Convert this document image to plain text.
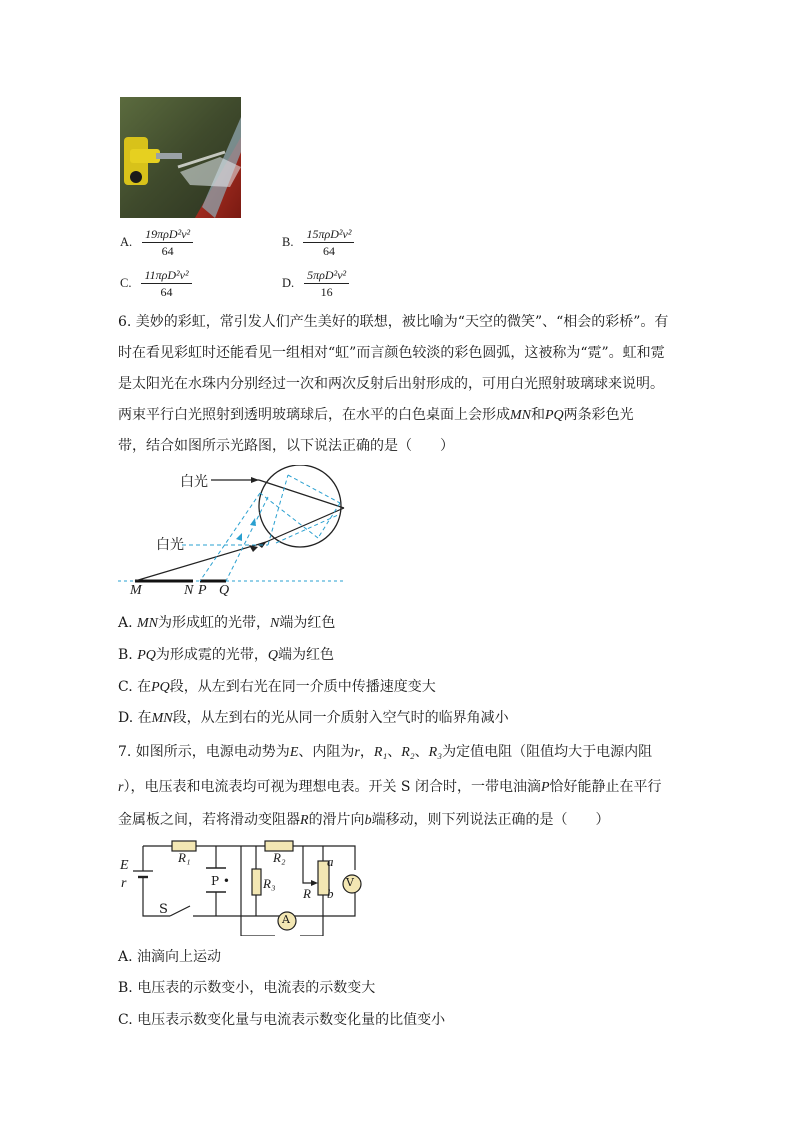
A. $\frac{\text{19πρD²v²}}{64}$	B. $\frac{\text{15πρD²v²}}{64}$
C. $\frac{\text{11πρD²v²}}{64}$	D. $\frac{\text{5πρD²v²}}{16}$
6. 美妙的彩虹，常引发人们产生美好的联想，被比喻为“天空的微笑”、“相会的彩桥”。有
时在看见彩虹时还能看见一组相对“虹”而言颜色较淡的彩色圆弧，这被称为“霓”。虹和霓
是太阳光在水珠内分别经过一次和两次反射后出射形成的，可用白光照射玻璃球来说明。
两束平行白光照射到透明玻璃球后，在水平的白色桌面上会形成MN和PQ两条彩色光
带，结合如图所示光路图，以下说法正确的是（　　）
白光
白光
M	N P Q
A. MN为形成虹的光带，N端为红色
B. PQ为形成霓的光带，Q端为红色
C. 在PQ段，从左到右光在同一介质中传播速度变大
D. 在MN段，从左到右的光从同一介质射入空气时的临界角减小
7. 如图所示，电源电动势为E、内阻为r，R₁、R₂、R₃为定值电阻（阻值均大于电源内阻
r），电压表和电流表均可视为理想电表。开关 S 闭合时，一带电油滴P恰好能静止在平行
金属板之间，若将滑动变阻器R的滑片向b端移动，则下列说法正确的是（　　）
E
r
R₁	R₂
R₃
P •
R
a
b
V
A
S
A. 油滴向上运动
B. 电压表的示数变小，电流表的示数变大
C. 电压表示数变化量与电流表示数变化量的比值变小
